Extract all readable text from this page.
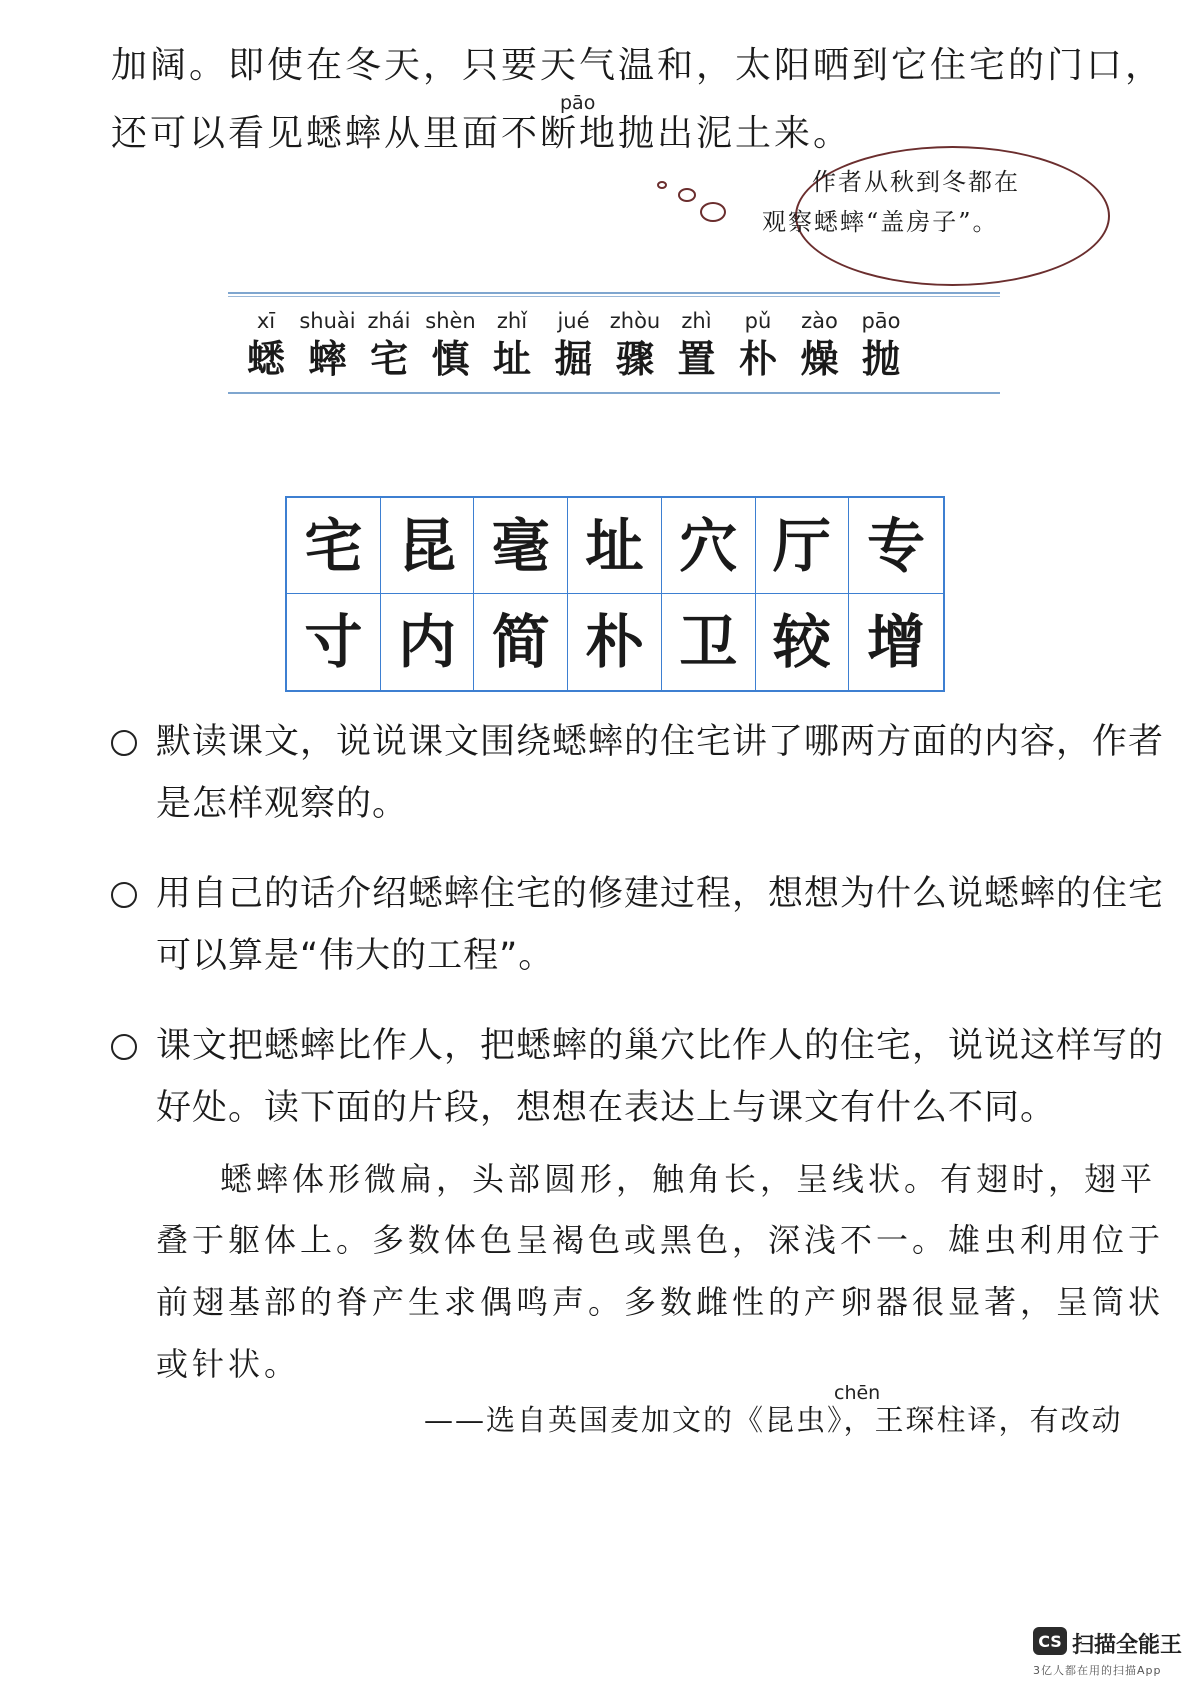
加阔。即使在冬天，只要天气温和，太阳晒到它住宅的门口，
pāo
还可以看见蟋蟀从里面不断地抛出泥土来。
作者从秋到冬都在
观察蟋蟀“盖房子”。
xī
蟋
shuài
蟀
zhái
宅
shèn
慎
zhǐ
址
jué
掘
zhòu
骤
zhì
置
pǔ
朴
zào
燥
pāo
抛
宅 昆 毫 址 穴 厅 专
寸 内 简 朴 卫 较 增
默读课文，说说课文围绕蟋蟀的住宅讲了哪两方面的内容，作者
是怎样观察的。
用自己的话介绍蟋蟀住宅的修建过程，想想为什么说蟋蟀的住宅
可以算是“伟大的工程”。
课文把蟋蟀比作人，把蟋蟀的巢穴比作人的住宅，说说这样写的
好处。读下面的片段，想想在表达上与课文有什么不同。
蟋蟀体形微扁，头部圆形，触角长，呈线状。有翅时，翅平
叠于躯体上。多数体色呈褐色或黑色，深浅不一。雄虫利用位于
前翅基部的脊产生求偶鸣声。多数雌性的产卵器很显著，呈筒状
或针状。
chēn
——选自英国麦加文的《昆虫》，王琛柱译，有改动
CS 扫描全能王
3亿人都在用的扫描App
